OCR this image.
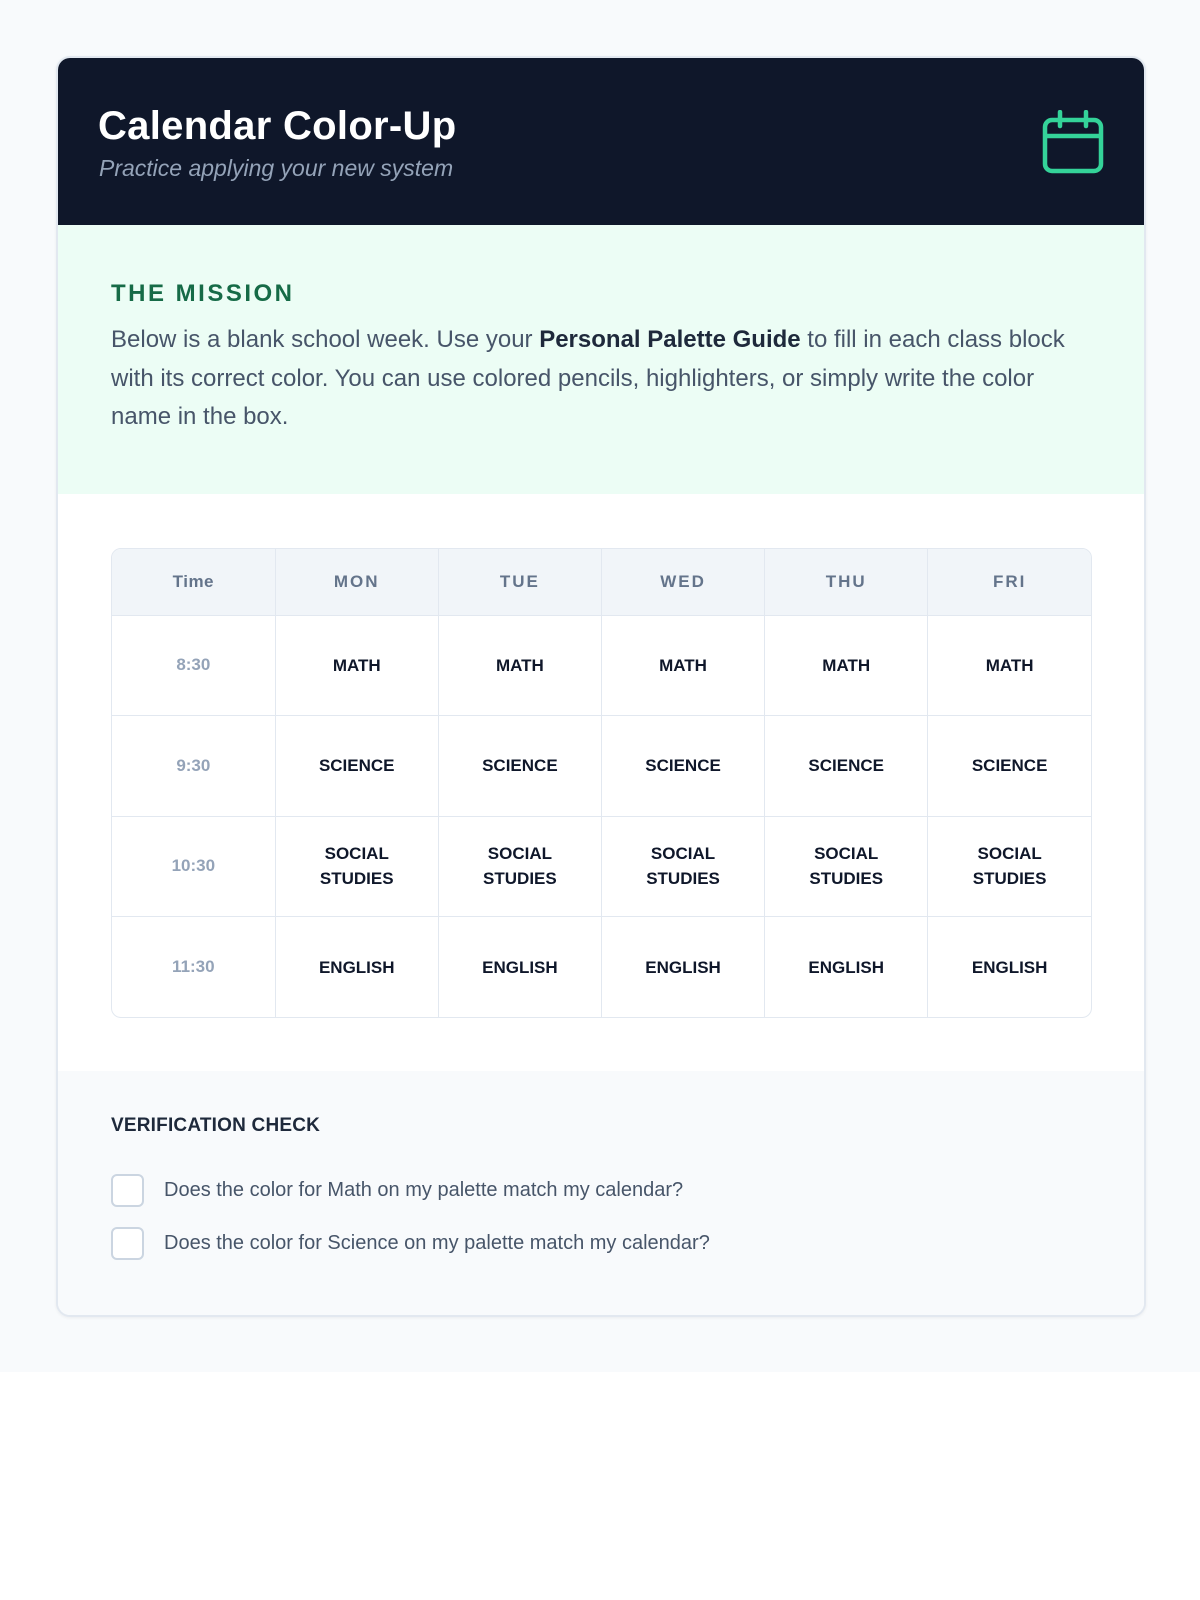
Calendar Color-Up
Practice applying your new system
THE MISSION

Below is a blank school week. Use your Personal Palette Guide to fill in each class block with its correct color. You can use colored pencils, highlighters, or simply write the color name in the box.

Time	MON	TUE	WED	THU	FRI
8:30	MATH	MATH	MATH	MATH	MATH
9:30	SCIENCE	SCIENCE	SCIENCE	SCIENCE	SCIENCE
10:30	SOCIAL STUDIES	SOCIAL STUDIES	SOCIAL STUDIES	SOCIAL STUDIES	SOCIAL STUDIES
11:30	ENGLISH	ENGLISH	ENGLISH	ENGLISH	ENGLISH
VERIFICATION CHECK
Does the color for Math on my palette match my calendar?
Does the color for Science on my palette match my calendar?
